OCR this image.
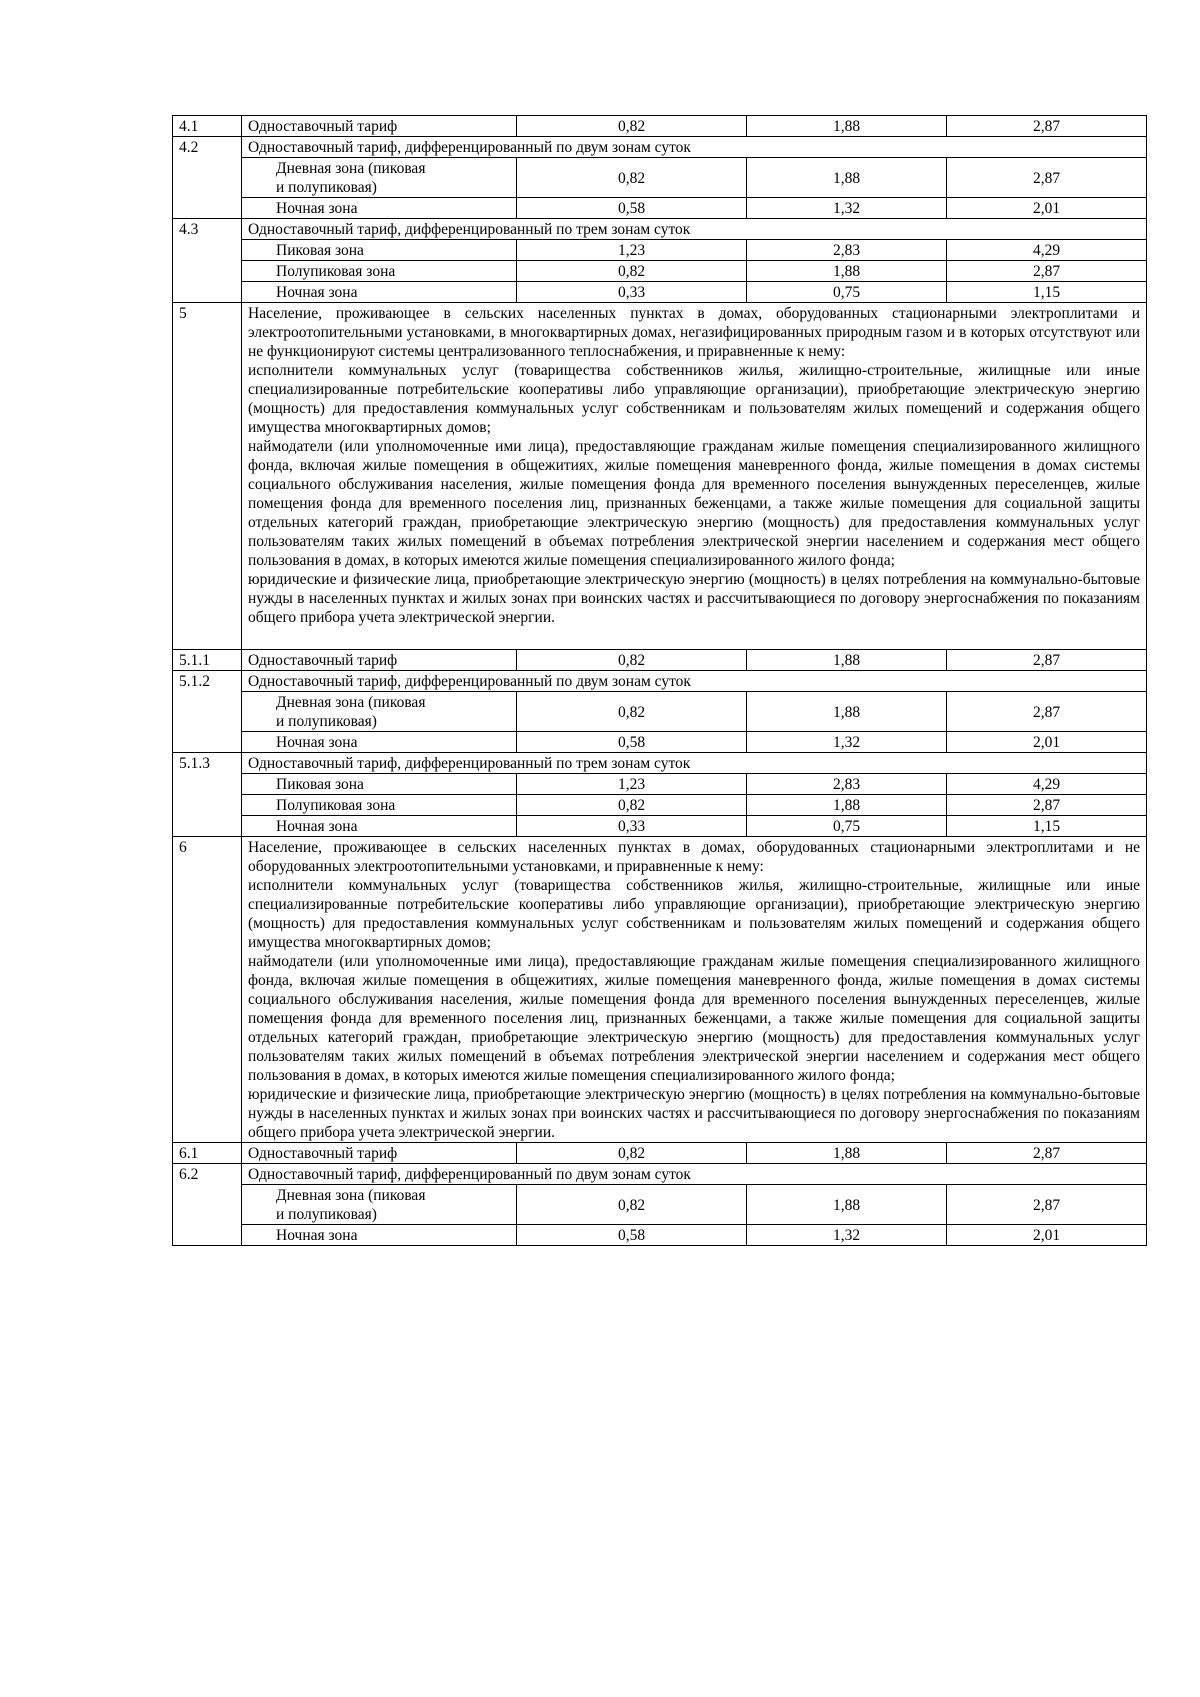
4.1	Одноставочный тариф	0,82	1,88	2,87
4.2	Одноставочный тариф, дифференцированный по двум зонам суток			

	Дневная зона (пиковая
и полупиковая)	0,82	1,88	2,87
	Ночная зона	0,58	1,32	2,01
4.3	Одноставочный тариф, дифференцированный по трем зонам суток			
	Пиковая зона	1,23	2,83	4,29
	Полупиковая зона	0,82	1,88	2,87
	Ночная зона	0,33	0,75	1,15
5	Население, проживающее в сельских населенных пунктах в домах, оборудованных стационарными электроплитами и электроотопительными установками, в многоквартирных домах, негазифицированных природным газом и в которых отсутствуют или не функционируют системы централизованного теплоснабжения, и приравненные к нему:

исполнители коммунальных услуг (товарищества собственников жилья, жилищно-строительные, жилищные или иные специализированные потребительские кооперативы либо управляющие организации), приобретающие электрическую энергию (мощность) для предоставления коммунальных услуг собственникам и пользователям жилых помещений и содержания общего имущества многоквартирных домов;

наймодатели (или уполномоченные ими лица), предоставляющие гражданам жилые помещения специализированного жилищного фонда, включая жилые помещения в общежитиях, жилые помещения маневренного фонда, жилые помещения в домах системы социального обслуживания населения, жилые помещения фонда для временного поселения вынужденных переселенцев, жилые помещения фонда для временного поселения лиц, признанных беженцами, а также жилые помещения для социальной защиты отдельных категорий граждан, приобретающие электрическую энергию (мощность) для предоставления коммунальных услуг пользователям таких жилых помещений в объемах потребления электрической энергии населением и содержания мест общего пользования в домах, в которых имеются жилые помещения специализированного жилого фонда;

юридические и физические лица, приобретающие электрическую энергию (мощность) в целях потребления на коммунально-бытовые нужды в населенных пунктах и жилых зонах при воинских частях и рассчитывающиеся по договору энергоснабжения по показаниям общего прибора учета электрической энергии.			

5.1.1	Одноставочный тариф	0,82	1,88	2,87
5.1.2	Одноставочный тариф, дифференцированный по двум зонам суток			

	Дневная зона (пиковая
и полупиковая)	0,82	1,88	2,87
	Ночная зона	0,58	1,32	2,01
5.1.3	Одноставочный тариф, дифференцированный по трем зонам суток			
	Пиковая зона	1,23	2,83	4,29
	Полупиковая зона	0,82	1,88	2,87
	Ночная зона	0,33	0,75	1,15
6	Население, проживающее в сельских населенных пунктах в домах, оборудованных стационарными электроплитами и не оборудованных электроотопительными установками, и приравненные к нему:

исполнители коммунальных услуг (товарищества собственников жилья, жилищно-строительные, жилищные или иные специализированные потребительские кооперативы либо управляющие организации), приобретающие электрическую энергию (мощность) для предоставления коммунальных услуг собственникам и пользователям жилых помещений и содержания общего имущества многоквартирных домов;

наймодатели (или уполномоченные ими лица), предоставляющие гражданам жилые помещения специализированного жилищного фонда, включая жилые помещения в общежитиях, жилые помещения маневренного фонда, жилые помещения в домах системы социального обслуживания населения, жилые помещения фонда для временного поселения вынужденных переселенцев, жилые помещения фонда для временного поселения лиц, признанных беженцами, а также жилые помещения для социальной защиты отдельных категорий граждан, приобретающие электрическую энергию (мощность) для предоставления коммунальных услуг пользователям таких жилых помещений в объемах потребления электрической энергии населением и содержания мест общего пользования в домах, в которых имеются жилые помещения специализированного жилого фонда;

юридические и физические лица, приобретающие электрическую энергию (мощность) в целях потребления на коммунально-бытовые нужды в населенных пунктах и жилых зонах при воинских частях и рассчитывающиеся по договору энергоснабжения по показаниям общего прибора учета электрической энергии.			

6.1	Одноставочный тариф	0,82	1,88	2,87
6.2	Одноставочный тариф, дифференцированный по двум зонам суток			

	Дневная зона (пиковая
и полупиковая)	0,82	1,88	2,87
	Ночная зона	0,58	1,32	2,01
